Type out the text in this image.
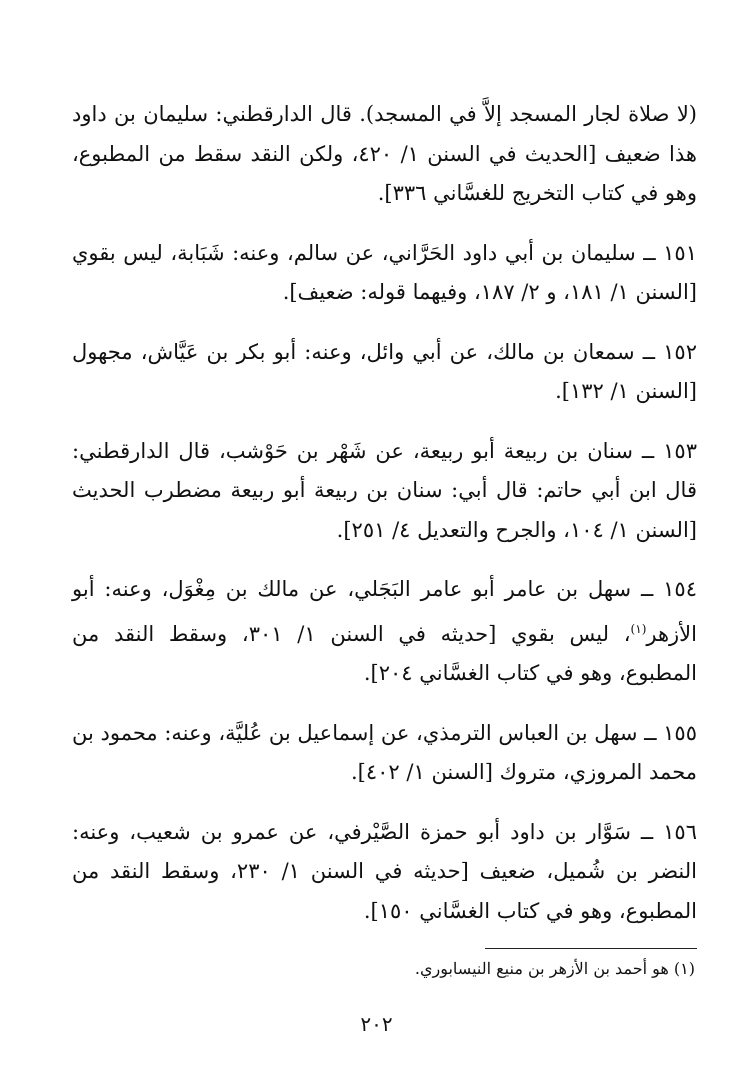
(لا صلاة لجار المسجد إلاَّ في المسجد). قال الدارقطني: سليمان بن داود هذا ضعيف [الحديث في السنن ١/ ٤٢٠، ولكن النقد سقط من المطبوع، وهو في كتاب التخريج للغسَّاني ٣٣٦].

١٥١ ــ سليمان بن أبي داود الحَرَّاني، عن سالم، وعنه: شَبَابة، ليس بقوي [السنن ١/ ١٨١، و ٢/ ١٨٧، وفيهما قوله: ضعيف].

١٥٢ ــ سمعان بن مالك، عن أبي وائل، وعنه: أبو بكر بن عَيَّاش، مجهول [السنن ١/ ١٣٢].

١٥٣ ــ سنان بن ربيعة أبو ربيعة، عن شَهْر بن حَوْشب، قال الدارقطني: قال ابن أبي حاتم: قال أبي: سنان بن ربيعة أبو ربيعة مضطرب الحديث [السنن ١/ ١٠٤، والجرح والتعديل ٤/ ٢٥١].

١٥٤ ــ سهل بن عامر أبو عامر البَجَلي، عن مالك بن مِغْوَل، وعنه: أبو الأزهر$^{(١)}$، ليس بقوي [حديثه في السنن ١/ ٣٠١، وسقط النقد من المطبوع، وهو في كتاب الغسَّاني ٢٠٤].

١٥٥ ــ سهل بن العباس الترمذي، عن إسماعيل بن عُليَّة، وعنه: محمود بن محمد المروزي، متروك [السنن ١/ ٤٠٢].

١٥٦ ــ سَوَّار بن داود أبو حمزة الصَّيْرفي، عن عمرو بن شعيب، وعنه: النضر بن شُميل، ضعيف [حديثه في السنن ١/ ٢٣٠، وسقط النقد من المطبوع، وهو في كتاب الغسَّاني ١٥٠].

(١) هو أحمد بن الأزهر بن منيع النيسابوري.
٢٠٢
